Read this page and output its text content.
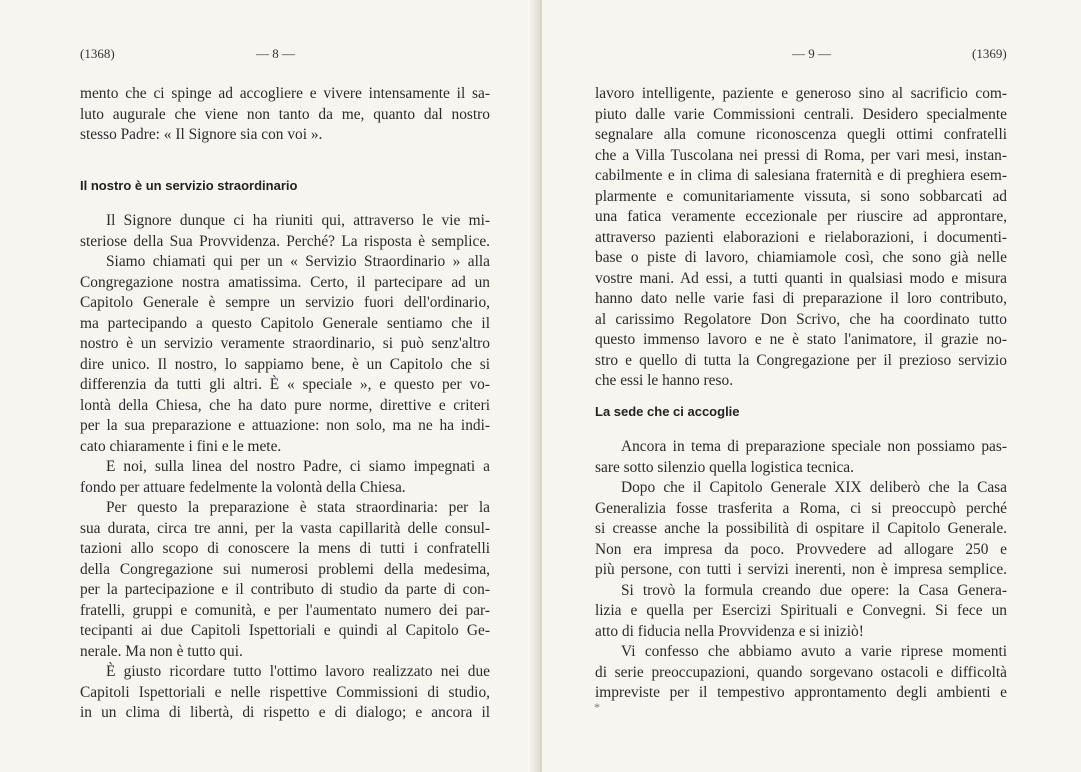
(1368)	— 8 —
mento che ci spinge ad accogliere e vivere intensamente il sa-
luto augurale che viene non tanto da me, quanto dal nostro
stesso Padre: « Il Signore sia con voi ».
Il nostro è un servizio straordinario
Il Signore dunque ci ha riuniti qui, attraverso le vie mi-
steriose della Sua Provvidenza. Perché? La risposta è semplice.
Siamo chiamati qui per un « Servizio Straordinario » alla
Congregazione nostra amatissima. Certo, il partecipare ad un
Capitolo Generale è sempre un servizio fuori dell'ordinario,
ma partecipando a questo Capitolo Generale sentiamo che il
nostro è un servizio veramente straordinario, si può senz'altro
dire unico. Il nostro, lo sappiamo bene, è un Capitolo che si
differenzia da tutti gli altri. È « speciale », e questo per vo-
lontà della Chiesa, che ha dato pure norme, direttive e criteri
per la sua preparazione e attuazione: non solo, ma ne ha indi-
cato chiaramente i fini e le mete.
E noi, sulla linea del nostro Padre, ci siamo impegnati a
fondo per attuare fedelmente la volontà della Chiesa.
Per questo la preparazione è stata straordinaria: per la
sua durata, circa tre anni, per la vasta capillarità delle consul-
tazioni allo scopo di conoscere la mens di tutti i confratelli
della Congregazione sui numerosi problemi della medesima,
per la partecipazione e il contributo di studio da parte di con-
fratelli, gruppi e comunità, e per l'aumentato numero dei par-
tecipanti ai due Capitoli Ispettoriali e quindi al Capitolo Ge-
nerale. Ma non è tutto qui.
È giusto ricordare tutto l'ottimo lavoro realizzato nei due
Capitoli Ispettoriali e nelle rispettive Commissioni di studio,
in un clima di libertà, di rispetto e di dialogo; e ancora il
— 9 —	(1369)
lavoro intelligente, paziente e generoso sino al sacrificio com-
piuto dalle varie Commissioni centrali. Desidero specialmente
segnalare alla comune riconoscenza quegli ottimi confratelli
che a Villa Tuscolana nei pressi di Roma, per vari mesi, instan-
cabilmente e in clima di salesiana fraternità e di preghiera esem-
plarmente e comunitariamente vissuta, si sono sobbarcati ad
una fatica veramente eccezionale per riuscire ad approntare,
attraverso pazienti elaborazioni e rielaborazioni, i documenti-
base o piste di lavoro, chiamiamole così, che sono già nelle
vostre mani. Ad essi, a tutti quanti in qualsiasi modo e misura
hanno dato nelle varie fasi di preparazione il loro contributo,
al carissimo Regolatore Don Scrivo, che ha coordinato tutto
questo immenso lavoro e ne è stato l'animatore, il grazie no-
stro e quello di tutta la Congregazione per il prezioso servizio
che essi le hanno reso.
La sede che ci accoglie
Ancora in tema di preparazione speciale non possiamo pas-
sare sotto silenzio quella logistica tecnica.
Dopo che il Capitolo Generale XIX deliberò che la Casa
Generalizia fosse trasferita a Roma, ci si preoccupò perché
si creasse anche la possibilità di ospitare il Capitolo Generale.
Non era impresa da poco. Provvedere ad allogare 250 e
più persone, con tutti i servizi inerenti, non è impresa semplice.
Si trovò la formula creando due opere: la Casa Genera-
lizia e quella per Esercizi Spirituali e Convegni. Si fece un
atto di fiducia nella Provvidenza e si iniziò!
Vi confesso che abbiamo avuto a varie riprese momenti
di serie preoccupazioni, quando sorgevano ostacoli e difficoltà
impreviste per il tempestivo approntamento degli ambienti e
*
